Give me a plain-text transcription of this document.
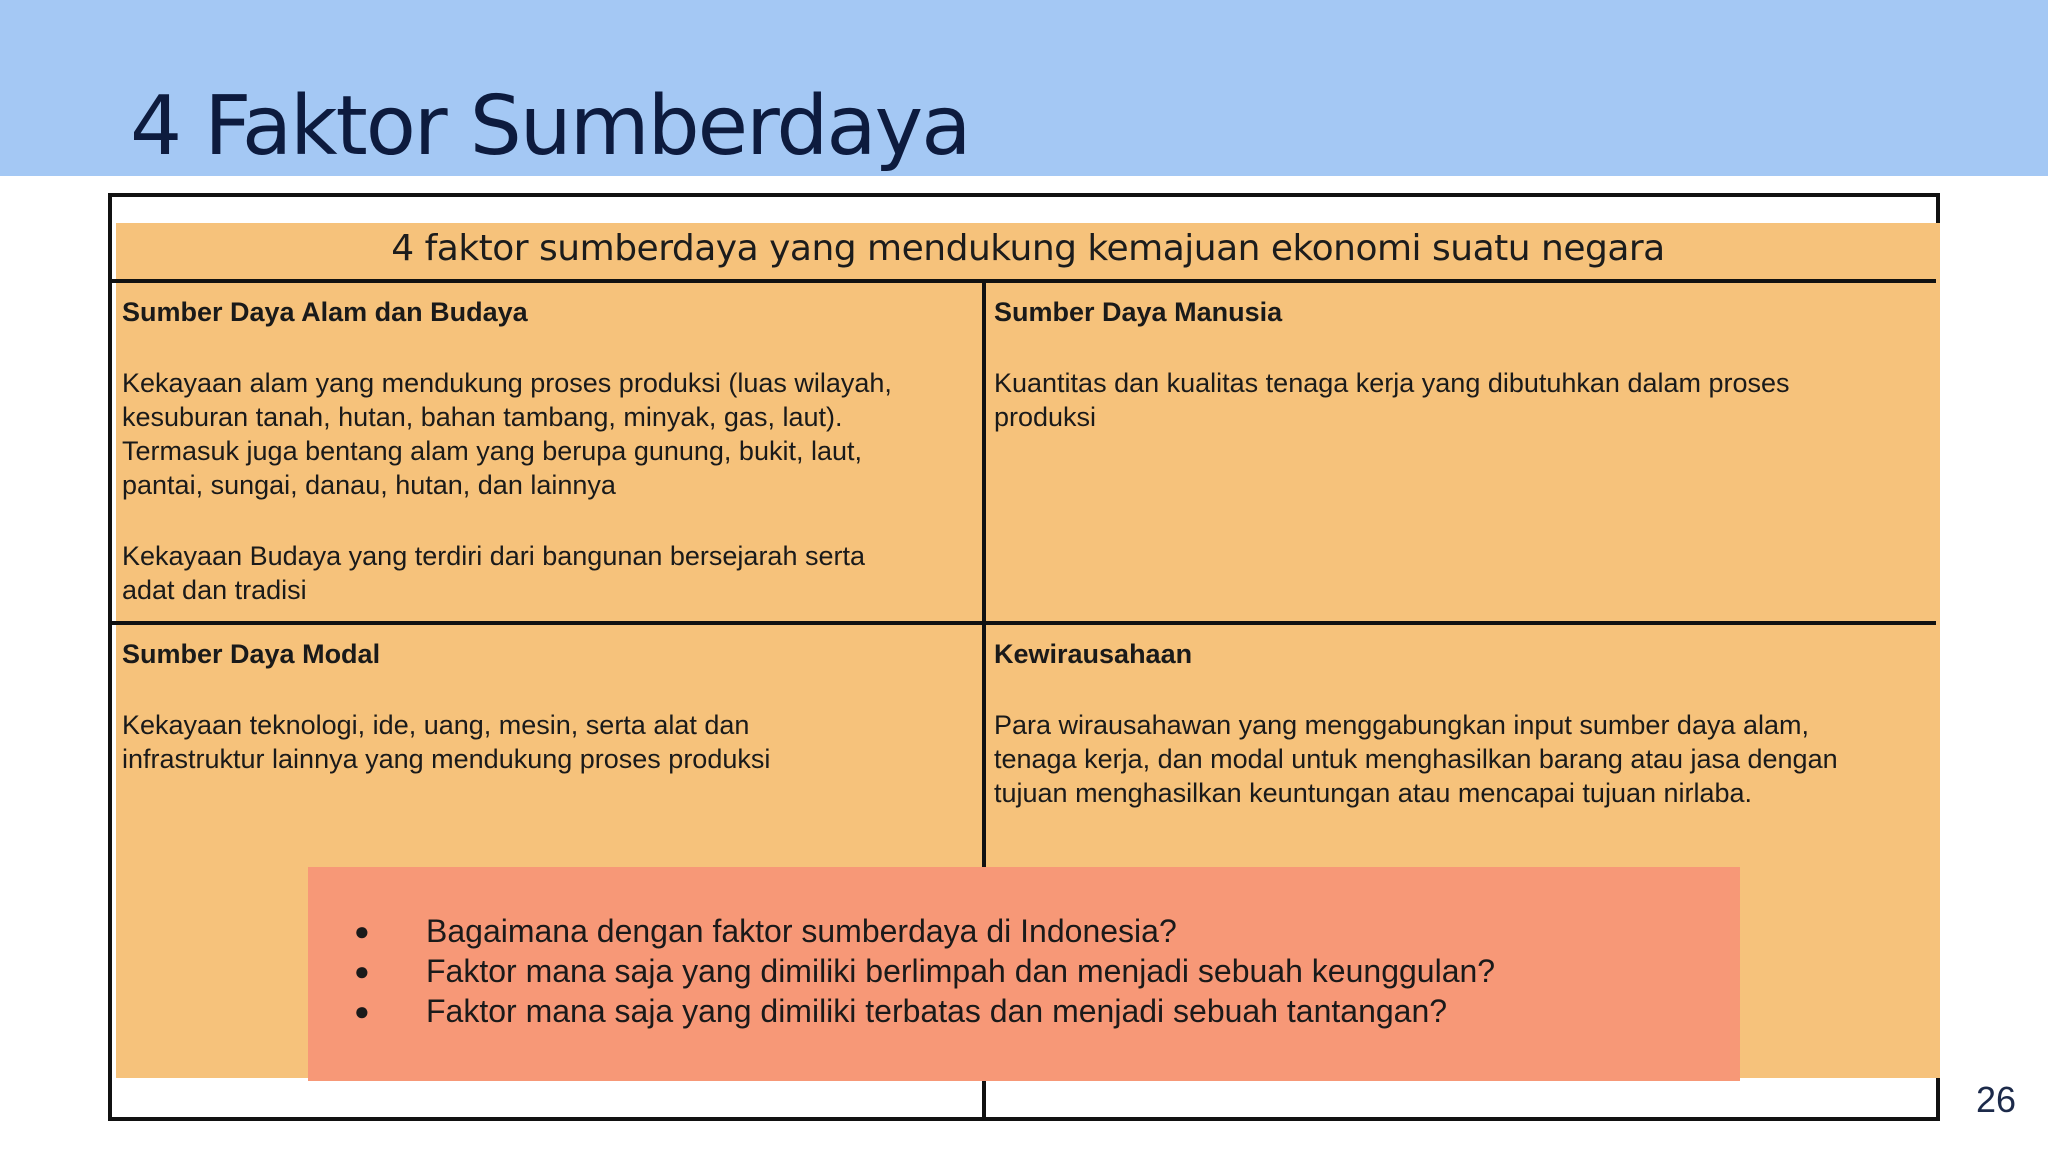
4 Faktor Sumberdaya
4 faktor sumberdaya yang mendukung kemajuan ekonomi suatu negara
Sumber Daya Alam dan Budaya
Kekayaan alam yang mendukung proses produksi (luas wilayah,
kesuburan tanah, hutan, bahan tambang, minyak, gas, laut).
Termasuk juga bentang alam yang berupa gunung, bukit, laut,
pantai, sungai, danau, hutan, dan lainnya
Kekayaan Budaya yang terdiri dari bangunan bersejarah serta
adat dan tradisi
Sumber Daya Manusia
Kuantitas dan kualitas tenaga kerja yang dibutuhkan dalam proses
produksi
Sumber Daya Modal
Kekayaan teknologi, ide, uang, mesin, serta alat dan
infrastruktur lainnya yang mendukung proses produksi
Kewirausahaan
Para wirausahawan yang menggabungkan input sumber daya alam,
tenaga kerja, dan modal untuk menghasilkan barang atau jasa dengan
tujuan menghasilkan keuntungan atau mencapai tujuan nirlaba.
● Bagaimana dengan faktor sumberdaya di Indonesia?
● Faktor mana saja yang dimiliki berlimpah dan menjadi sebuah keunggulan?
● Faktor mana saja yang dimiliki terbatas dan menjadi sebuah tantangan?
26
